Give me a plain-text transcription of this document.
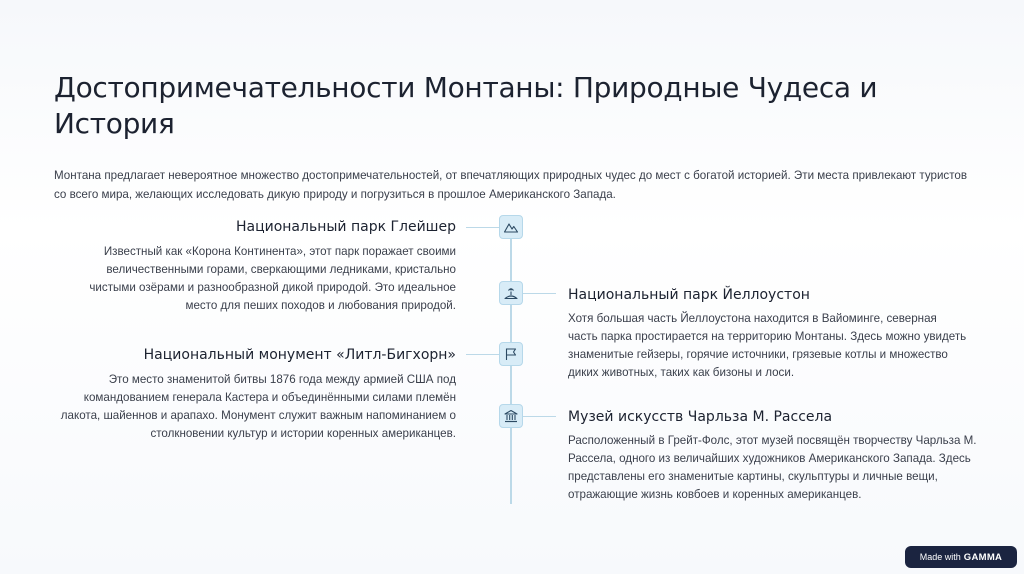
Достопримечательности Монтаны: Природные Чудеса и История
Монтана предлагает невероятное множество достопримечательностей, от впечатляющих природных чудес до мест с богатой историей. Эти места привлекают туристов со всего мира, желающих исследовать дикую природу и погрузиться в прошлое Американского Запада.
Национальный парк Глейшер
Известный как «Корона Континента», этот парк поражает своими величественными горами, сверкающими ледниками, кристально чистыми озёрами и разнообразной дикой природой. Это идеальное место для пеших походов и любования природой.
Национальный парк Йеллоустон
Хотя большая часть Йеллоустона находится в Вайоминге, северная часть парка простирается на территорию Монтаны. Здесь можно увидеть знаменитые гейзеры, горячие источники, грязевые котлы и множество диких животных, таких как бизоны и лоси.
Национальный монумент «Литл-Бигхорн»
Это место знаменитой битвы 1876 года между армией США под командованием генерала Кастера и объединёнными силами племён лакота, шайеннов и арапахо. Монумент служит важным напоминанием о столкновении культур и истории коренных американцев.
Музей искусств Чарльза М. Рассела
Расположенный в Грейт-Фолс, этот музей посвящён творчеству Чарльза М. Рассела, одного из величайших художников Американского Запада. Здесь представлены его знаменитые картины, скульптуры и личные вещи, отражающие жизнь ковбоев и коренных американцев.
Made with GAMMA
